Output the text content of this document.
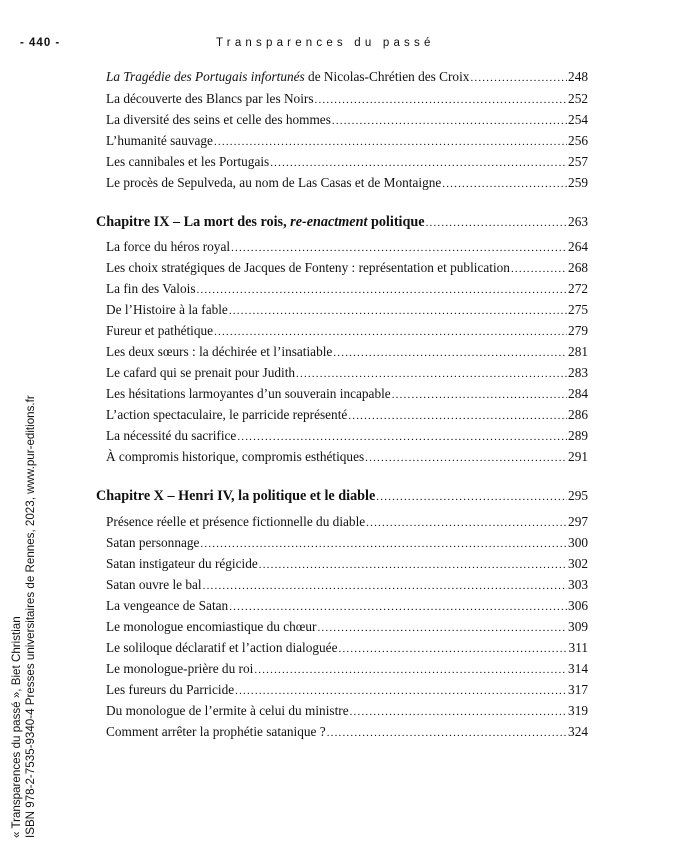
- 440 -	Transparences du passé
La Tragédie des Portugais infortunés de Nicolas-Chrétien des Croix .....	248
La découverte des Blancs par les Noirs .....	252
La diversité des seins et celle des hommes .....	254
L’humanité sauvage .....	256
Les cannibales et les Portugais .....	257
Le procès de Sepulveda, au nom de Las Casas et de Montaigne .....	259
Chapitre IX – La mort des rois, re-enactment politique .....	263
La force du héros royal .....	264
Les choix stratégiques de Jacques de Fonteny : représentation et publication .....	268
La fin des Valois .....	272
De l’Histoire à la fable .....	275
Fureur et pathétique .....	279
Les deux sœurs : la déchirée et l’insatiable .....	281
Le cafard qui se prenait pour Judith .....	283
Les hésitations larmoyantes d’un souverain incapable .....	284
L’action spectaculaire, le parricide représenté .....	286
La nécessité du sacrifice .....	289
À compromis historique, compromis esthétiques .....	291
Chapitre X – Henri IV, la politique et le diable .....	295
Présence réelle et présence fictionnelle du diable .....	297
Satan personnage .....	300
Satan instigateur du régicide .....	302
Satan ouvre le bal .....	303
La vengeance de Satan .....	306
Le monologue encomiastique du chœur .....	309
Le soliloque déclaratif et l’action dialoguée .....	311
Le monologue-prière du roi .....	314
Les fureurs du Parricide .....	317
Du monologue de l’ermite à celui du ministre .....	319
Comment arrêter la prophétie satanique ? .....	324
« Transparences du passé », Biet Christian ISBN 978-2-7535-9340-4 Presses universitaires de Rennes, 2023, www.pur-editions.fr
